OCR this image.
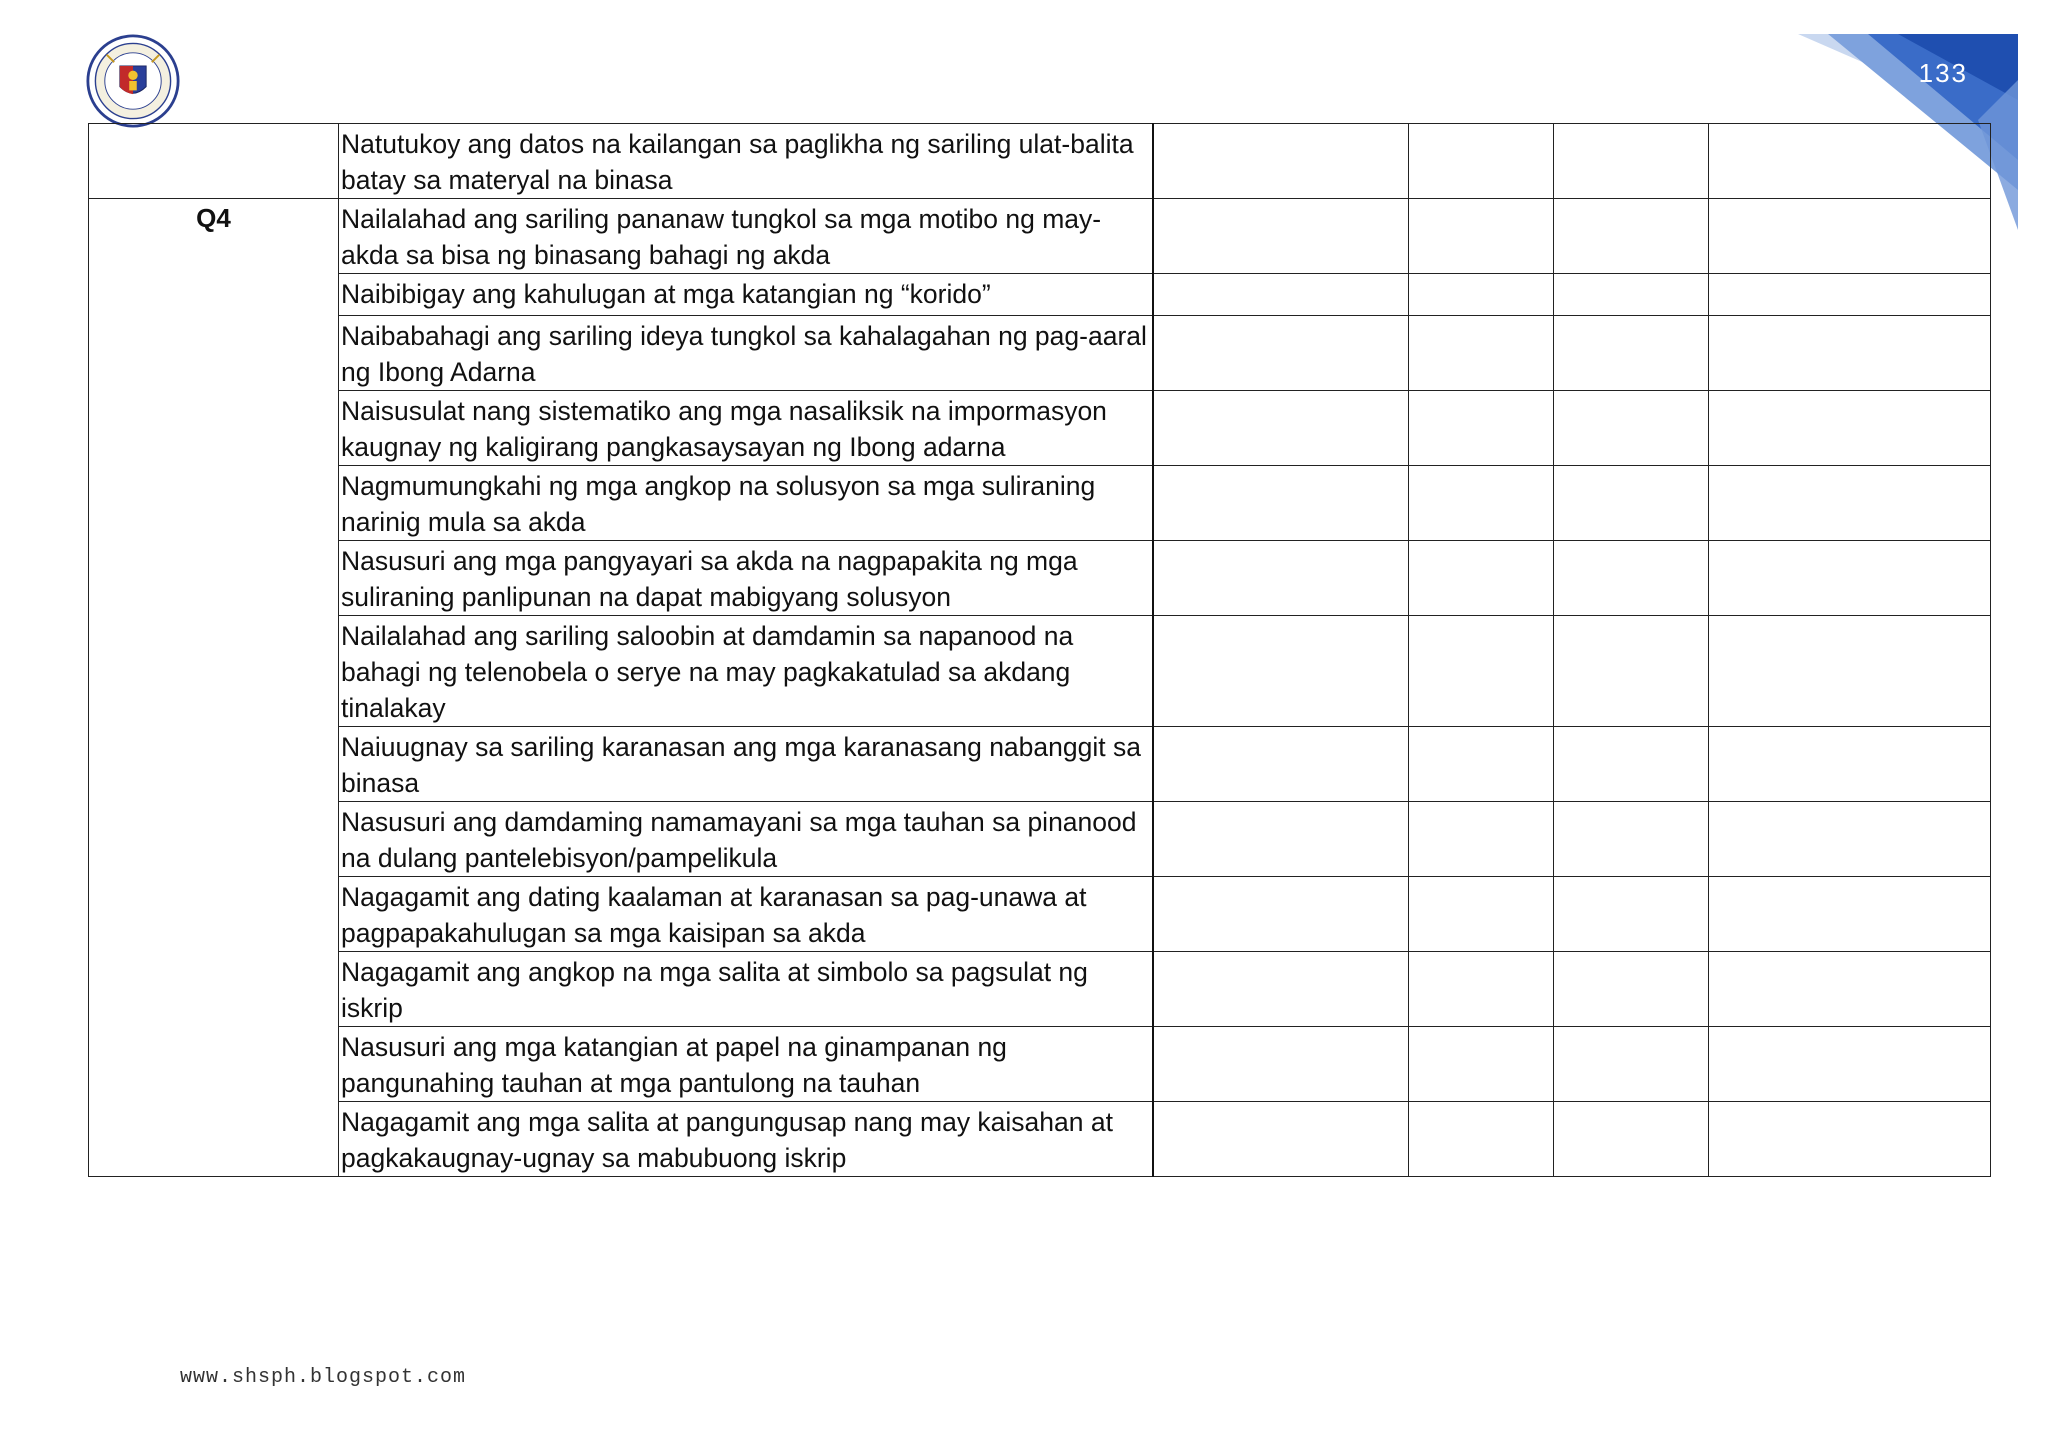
133
	Natutukoy ang datos na kailangan sa paglikha ng sariling ulat-balita batay sa materyal na binasa				
Q4	Nailalahad ang sariling pananaw tungkol sa mga motibo ng may-akda sa bisa ng binasang bahagi ng akda				
	Naibibigay ang kahulugan at mga katangian ng “korido”				
	Naibabahagi ang sariling ideya tungkol sa kahalagahan ng pag-aaral ng Ibong Adarna				
	Naisusulat nang sistematiko ang mga nasaliksik na impormasyon kaugnay ng kaligirang pangkasaysayan ng Ibong adarna				
	Nagmumungkahi ng mga angkop na solusyon sa mga suliraning narinig mula sa akda				
	Nasusuri ang mga pangyayari sa akda na nagpapakita ng mga suliraning panlipunan na dapat mabigyang solusyon				
	Nailalahad ang sariling saloobin at damdamin sa napanood na bahagi ng telenobela o serye na may pagkakatulad sa akdang tinalakay				
	Naiuugnay sa sariling karanasan ang mga karanasang nabanggit sa binasa				
	Nasusuri ang damdaming namamayani sa mga tauhan sa pinanood na dulang pantelebisyon/pampelikula				
	Nagagamit ang dating kaalaman at karanasan sa pag-unawa at pagpapakahulugan sa mga kaisipan sa akda				
	Nagagamit ang angkop na mga salita at simbolo sa pagsulat ng iskrip				
	Nasusuri ang mga katangian at papel na ginampanan ng pangunahing tauhan at mga pantulong na tauhan				
	Nagagamit ang mga salita at pangungusap nang may kaisahan at pagkakaugnay-ugnay sa mabubuong iskrip				
www.shsph.blogspot.com
